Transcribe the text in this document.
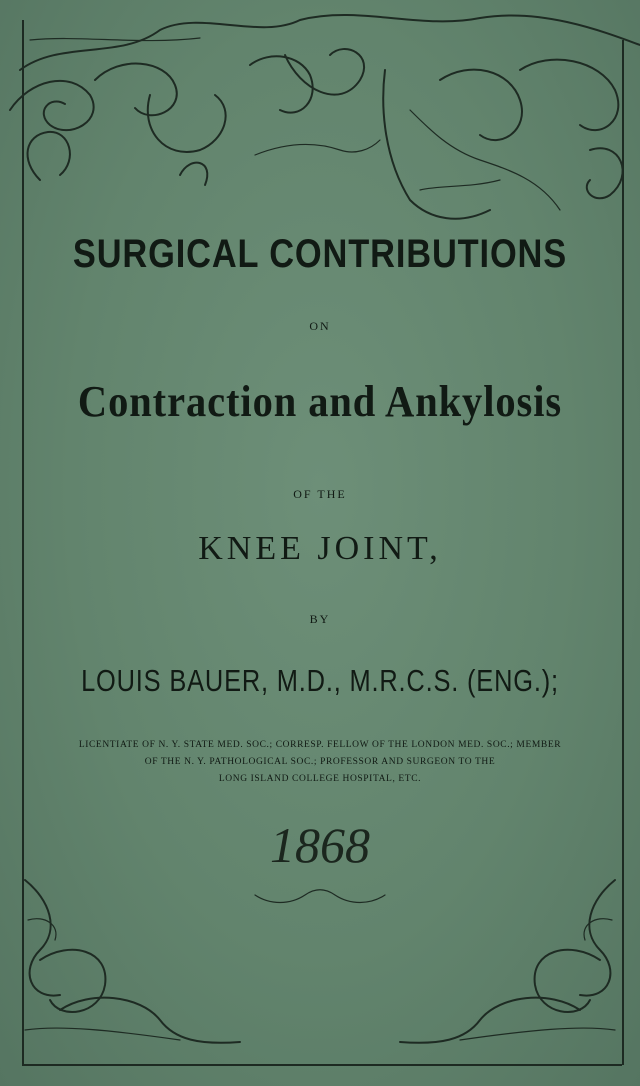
SURGICAL CONTRIBUTIONS
ON
Contraction and Ankylosis
OF THE
KNEE JOINT,
BY
LOUIS BAUER, M.D., M.R.C.S. (ENG.);
LICENTIATE OF N. Y. STATE MED. SOC.; CORRESP. FELLOW OF THE LONDON MED. SOC.; MEMBER
OF THE N. Y. PATHOLOGICAL SOC.; PROFESSOR AND SURGEON TO THE
LONG ISLAND COLLEGE HOSPITAL, ETC.
1868
